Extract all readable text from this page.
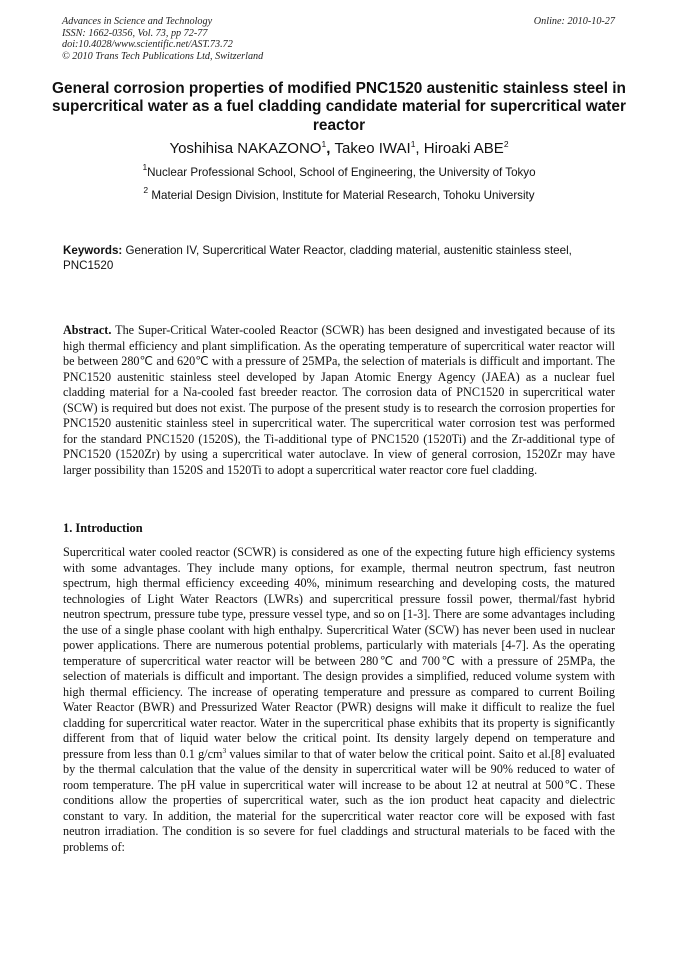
Advances in Science and Technology
ISSN: 1662-0356, Vol. 73, pp 72-77
doi:10.4028/www.scientific.net/AST.73.72
© 2010 Trans Tech Publications Ltd, Switzerland
Online: 2010-10-27
General corrosion properties of modified PNC1520 austenitic stainless steel in supercritical water as a fuel cladding candidate material for supercritical water reactor
Yoshihisa NAKAZONO$^1$, Takeo IWAI$^1$, Hiroaki ABE$^2$
$^1$Nuclear Professional School, School of Engineering, the University of Tokyo
$^2$ Material Design Division, Institute for Material Research, Tohoku University
Keywords: Generation IV, Supercritical Water Reactor, cladding material, austenitic stainless steel, PNC1520
Abstract. The Super-Critical Water-cooled Reactor (SCWR) has been designed and investigated because of its high thermal efficiency and plant simplification. As the operating temperature of supercritical water reactor will be between 280℃ and 620℃ with a pressure of 25MPa, the selection of materials is difficult and important. The PNC1520 austenitic stainless steel developed by Japan Atomic Energy Agency (JAEA) as a nuclear fuel cladding material for a Na-cooled fast breeder reactor. The corrosion data of PNC1520 in supercritical water (SCW) is required but does not exist. The purpose of the present study is to research the corrosion properties for PNC1520 austenitic stainless steel in supercritical water. The supercritical water corrosion test was performed for the standard PNC1520 (1520S), the Ti-additional type of PNC1520 (1520Ti) and the Zr-additional type of PNC1520 (1520Zr) by using a supercritical water autoclave. In view of general corrosion, 1520Zr may have larger possibility than 1520S and 1520Ti to adopt a supercritical water reactor core fuel cladding.
1. Introduction
Supercritical water cooled reactor (SCWR) is considered as one of the expecting future high efficiency systems with some advantages. They include many options, for example, thermal neutron spectrum, fast neutron spectrum, high thermal efficiency exceeding 40%, minimum researching and developing costs, the matured technologies of Light Water Reactors (LWRs) and supercritical pressure fossil power, thermal/fast hybrid neutron spectrum, pressure tube type, pressure vessel type, and so on [1-3]. There are some advantages including the use of a single phase coolant with high enthalpy. Supercritical Water (SCW) has never been used in nuclear power applications. There are numerous potential problems, particularly with materials [4-7]. As the operating temperature of supercritical water reactor will be between 280℃ and 700℃ with a pressure of 25MPa, the selection of materials is difficult and important. The design provides a simplified, reduced volume system with high thermal efficiency. The increase of operating temperature and pressure as compared to current Boiling Water Reactor (BWR) and Pressurized Water Reactor (PWR) designs will make it difficult to realize the fuel cladding for supercritical water reactor. Water in the supercritical phase exhibits that its property is significantly different from that of liquid water below the critical point. Its density largely depend on temperature and pressure from less than 0.1 $g/cm^3$ values similar to that of water below the critical point. Saito et al.[8] evaluated by the thermal calculation that the value of the density in supercritical water will be 90% reduced to water of room temperature. The pH value in supercritical water will increase to be about 12 at neutral at 500℃. These conditions allow the properties of supercritical water, such as the ion product heat capacity and dielectric constant to vary. In addition, the material for the supercritical water reactor core will be exposed with fast neutron irradiation. The condition is so severe for fuel claddings and structural materials to be faced with the problems of:
